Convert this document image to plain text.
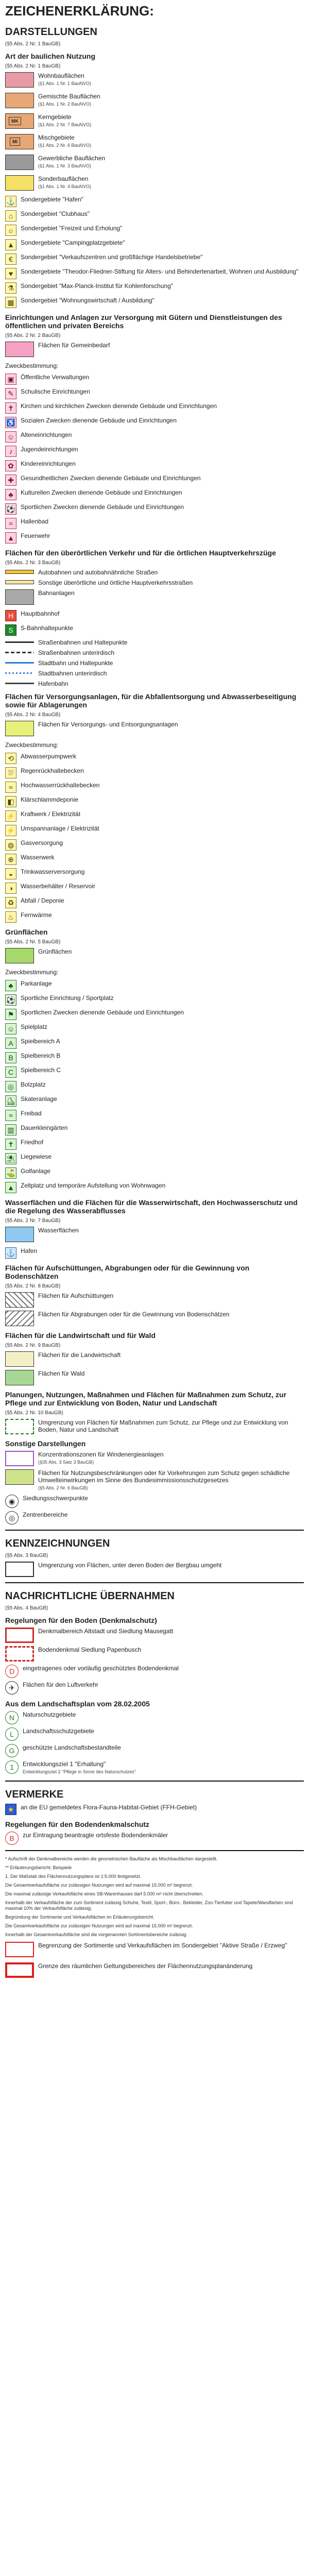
ZEICHENERKLÄRUNG:
DARSTELLUNGEN
(§5 Abs. 2 Nr. 1 BauGB)
Art der baulichen Nutzung
(§5 Abs. 2 Nr. 1 BauGB)
Wohnbauflächen
(§1 Abs. 1 Nr. 1 BauNVO)
Gemischte Bauflächen
(§1 Abs. 1 Nr. 2 BauNVO)
MK
Kerngebiete
(§1 Abs. 2 Nr. 7 BauNVO)
MI
Mischgebiete
(§1 Abs. 2 Nr. 6 BauNVO)
Gewerbliche Bauflächen
(§1 Abs. 1 Nr. 3 BauNVO)
Sonderbauflächen
(§1 Abs. 1 Nr. 4 BauNVO)
⚓ Sondergebiete "Hafen"
⌂	Sondergebiet "Clubhaus"
☼	Sondergebiet "Freizeit und Erholung"
▲	Sondergebiete "Campingplatzgebiete"
€	Sondergebiet "Verkaufszentren und großflächige Handelsbetriebe"
♥	Sondergebiete "Theodor-Fliedner-Stiftung für Alters- und Behindertenarbeit, Wohnen und Ausbildung"
⚗	Sondergebiet "Max-Planck-Institut für Kohlenforschung"
▦	Sondergebiet "Wohnungswirtschaft / Ausbildung"
Einrichtungen und Anlagen zur Versorgung mit Gütern und Dienstleistungen des öffentlichen und privaten Bereichs
(§5 Abs. 2 Nr. 2 BauGB)
Flächen für Gemeinbedarf
Zweckbestimmung:
▣	Öffentliche Verwaltungen
✎	Schulische Einrichtungen
✝	Kirchen und kirchlichen Zwecken dienende Gebäude und Einrichtungen
♿ Sozialen Zwecken dienende Gebäude und Einrichtungen
☺ Alteneinrichtungen
♪	Jugendeinrichtungen
✿	Kindereinrichtungen
✚	Gesundheitlichen Zwecken dienende Gebäude und Einrichtungen
♣	Kulturellen Zwecken dienende Gebäude und Einrichtungen
⚽ Sportlichen Zwecken dienende Gebäude und Einrichtungen
≈	Hallenbad
▲	Feuerwehr
Flächen für den überörtlichen Verkehr und für die örtlichen Hauptverkehrszüge
(§5 Abs. 2 Nr. 3 BauGB)
Autobahnen und autobahnähnliche Straßen
Sonstige überörtliche und örtliche Hauptverkehrsstraßen
Bahnanlagen
H	Hauptbahnhof
S	S-Bahnhaltepunkte
Straßenbahnen und Haltepunkte
Straßenbahnen unterirdisch
Stadtbahn und Haltepunkte
Stadtbahnen unterirdisch
Hafenbahn
Flächen für Versorgungsanlagen, für die Abfallentsorgung und Abwasserbeseitigung sowie für Ablagerungen
(§5 Abs. 2 Nr. 4 BauGB)
Flächen für Versorgungs- und Entsorgungsanlagen
Zweckbestimmung:
⟲	Abwasserpumpwerk
⛆	Regenrückhaltebecken
≈	Hochwasserrückhaltebecken
◧	Klärschlammdeponie
⚡ Kraftwerk / Elektrizität
⚡ Umspannanlage / Elektrizität
◍	Gasversorgung
⊕	Wasserwerk
◒	Trinkwasserversorgung
◑	Wasserbehälter / Reservoir
♻	Abfall / Deponie
♨	Fernwärme
Grünflächen
(§5 Abs. 2 Nr. 5 BauGB)
Grünflächen
Zweckbestimmung:
♣	Parkanlage
⚽ Sportliche Einrichtung / Sportplatz
⚑	Sportlichen Zwecken dienende Gebäude und Einrichtungen
☺ Spielplatz
A	Spielbereich A
B	Spielbereich B
C	Spielbereich C
◎	Bolzplatz
⛸ Skateranlage
≈	Freibad
▥	Dauerkleingärten
✝	Friedhof
⛱ Liegewiese
⛳ Golfanlage
▲	Zeltplatz und temporäre Aufstellung von Wohnwagen
Wasserflächen und die Flächen für die Wasserwirtschaft, den Hochwasserschutz und die Regelung des Wasserabflusses
(§5 Abs. 2 Nr. 7 BauGB)
Wasserflächen
⚓ Hafen
Flächen für Aufschüttungen, Abgrabungen oder für die Gewinnung von Bodenschätzen
(§5 Abs. 2 Nr. 8 BauGB)
Flächen für Aufschüttungen
Flächen für Abgrabungen oder für die Gewinnung von Bodenschätzen
Flächen für die Landwirtschaft und für Wald
(§5 Abs. 2 Nr. 9 BauGB)
Flächen für die Landwirtschaft
Flächen für Wald
Planungen, Nutzungen, Maßnahmen und Flächen für Maßnahmen zum Schutz, zur Pflege und zur Entwicklung von Boden, Natur und Landschaft
(§5 Abs. 2 Nr. 10 BauGB)
Umgrenzung von Flächen für Maßnahmen zum Schutz, zur Pflege und zur Entwicklung von Boden, Natur und Landschaft
Sonstige Darstellungen
Konzentrationszonen für Windenergieanlagen
(§35 Abs. 3 Satz 3 BauGB)
Flächen für Nutzungsbeschränkungen oder für Vorkehrungen zum Schutz gegen schädliche Umwelteinwirkungen im Sinne des Bundesimmissionsschutzgesetzes
(§5 Abs. 2 Nr. 6 BauGB)
◉	Siedlungsschwerpunkte
◎	Zentrenbereiche
KENNZEICHNUNGEN
(§5 Abs. 3 BauGB)
Umgrenzung von Flächen, unter deren Boden der Bergbau umgeht
NACHRICHTLICHE ÜBERNAHMEN
(§5 Abs. 4 BauGB)
Regelungen für den Boden (Denkmalschutz)
Denkmalbereich Altstadt und Siedlung Mausegatt
Bodendenkmal Siedlung Papenbusch
D	eingetragenes oder vorläufig geschütztes Bodendenkmal
✈	Flächen für den Luftverkehr
Aus dem Landschaftsplan vom 28.02.2005
N	Naturschutzgebiete
L	Landschaftsschutzgebiete
G	geschützte Landschaftsbestandteile
1	Entwicklungsziel 1 "Erhaltung"
Entwicklungsziel 2 "Pflege in Sinne des Naturschutzes"
VERMERKE
★	an die EU gemeldetes Flora-Fauna-Habitat-Gebiet (FFH-Gebiet)
Regelungen für den Bodendenkmalschutz
B	zur Eintragung beantragte ortsfeste Bodendenkmäler
* Aufschrift der Denkmalbereiche werden die geometrischen Baufläche als Mischbauflächen dargestellt.
** Erläuterungsbericht; Beispiele
1. Der Maßstab des Flächennutzungsplans ist 1:5.000 festgesetzt.
Die Gesamtverkaufsfläche zur zulässigen Nutzungen wird auf maximal 15.000 m² begrenzt.
Die maximal zulässige Verkaufsfläche eines SB-Warenhauses darf 5.000 m² nicht überschreiten.
Innerhalb der Verkaufsfläche der zum Sortiment zulässig Schuhe, Textil, Sport-, Büro-, Bekleider, Zoo-Tierfutter und Tapete/Wandfarben sind maximal 10% der Verkaufsfläche zulässig.
Begründung der Sortimente und Verkaufsflächen im Erläuterungsbericht.
Die Gesamtverkaufsfläche zur zulässigen Nutzungen wird auf maximal 15.000 m² begrenzt.
Innerhalb der Gesamtverkaufsfläche sind die vorgenannten Sortimentsbereiche zulässig.
Begrenzung der Sortimente und Verkaufsflächen im Sondergebiet "Aktive Straße / Erzweg"
Grenze des räumlichen Geltungsbereiches der Flächennutzungsplanänderung
